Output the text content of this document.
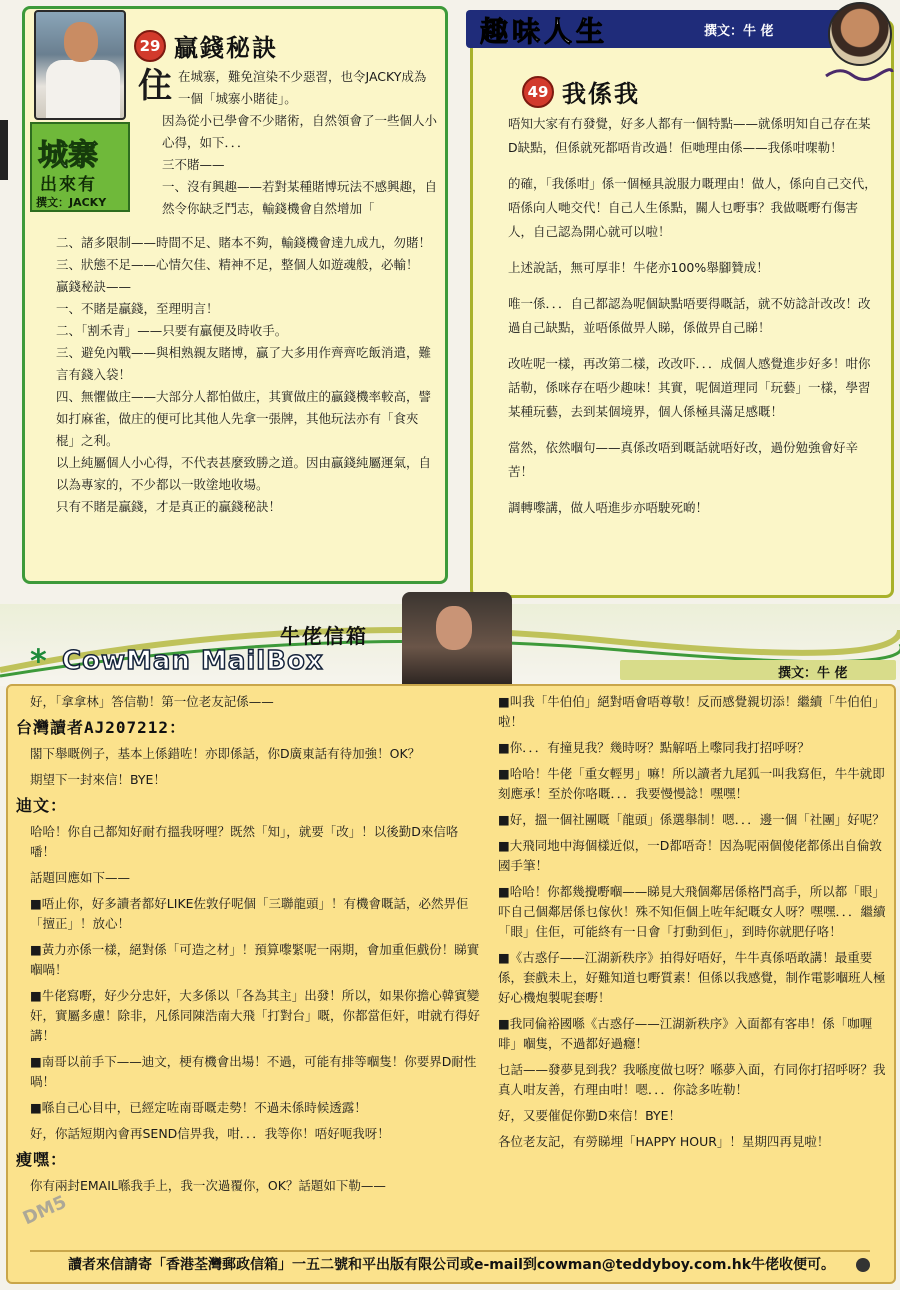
城寨
出來有
撰文：JACKY
29 贏錢秘訣

住在城寨，難免渲染不少惡習，也令JACKY成為一個「城寨小賭徒」。

因為從小已學會不少賭術，自然領會了一些個人小心得，如下．．．

三不賭——

一、沒有興趣——若對某種賭博玩法不感興趣，自然令你缺乏鬥志，輸錢機會自然增加「

二、諸多限制——時間不足、賭本不夠，輸錢機會達九成九，勿賭！

三、狀態不足——心情欠佳、精神不足，整個人如遊魂般，必輸！

贏錢秘訣——

一、不賭是贏錢，至理明言！

二、「割禾青」——只要有贏便及時收手。

三、避免內戰——與相熟親友賭博，贏了大多用作齊齊吃飯消遣，難言有錢入袋！

四、無懼做庄——大部分人都怕做庄，其實做庄的贏錢機率較高，譬如打麻雀，做庄的便可比其他人先拿一張牌，其他玩法亦有「食夾棍」之利。

以上純屬個人小心得，不代表甚麼致勝之道。因由贏錢純屬運氣，自以為專家的，不少都以一敗塗地收場。

只有不賭是贏錢，才是真正的贏錢秘訣！

趣味人生	撰文：牛 佬
49 我係我

唔知大家有冇發覺，好多人都有一個特點——就係明知自己存在某D缺點，但係就死都唔肯改過！佢哋理由係——我係咁㗎勒！

的確，「我係咁」係一個極具說服力嘅理由！做人，係向自己交代，唔係向人哋交代！自己人生係點，關人乜嘢事？我做嘅嘢冇傷害人，自己認為開心就可以啦！

上述說話，無可厚非！牛佬亦100%舉腳贊成！

唯一係．．．自己都認為呢個缺點唔要得嘅話，就不妨諗計改改！改過自己缺點，並唔係做畀人睇，係做畀自己睇！

改咗呢一樣，再改第二樣，改改吓．．．成個人感覺進步好多！咁你話勒，係咪存在唔少趣味！其實，呢個道理同「玩藝」一樣，學習某種玩藝，去到某個境界，個人係極具滿足感嘅！

當然，依然嗰句——真係改唔到嘅話就唔好改，過份勉強會好辛苦！

調轉嚟講，做人唔進步亦唔駛死啲！

牛佬信箱
* CowMan MailBox	撰文：牛 佬

好，「拿拿林」答信勒！第一位老友記係——

台灣讀者AJ207212：

閣下舉嘅例子，基本上係錯咗！亦即係話，你D廣東話有待加強！OK？

期望下一封來信！BYE！

迪文：

哈哈！你自己都知好耐冇搵我呀哩？既然「知」，就要「改」！以後勤D來信咯噃！

話題回應如下——

■唔止你，好多讀者都好LIKE佐敦仔呢個「三聯龍頭」！有機會嘅話，必然畀佢「擅正」！放心！

■黃力亦係一樣，絕對係「可造之材」！預算嚟緊呢一兩期，會加重佢戲份！睇實嗰喎！

■牛佬寫嘢，好少分忠奸，大多係以「各為其主」出發！所以，如果你擔心韓賓變奸，實屬多慮！除非，凡係同陳浩南大飛「打對台」嘅，你都當佢奸，咁就冇得好講！

■南哥以前手下——迪文，梗有機會出場！不過，可能有排等嗰隻！你要界D耐性喎！

■喺自己心目中，已經定咗南哥嘅走勢！不過未係時候透露！

好，你話短期內會再SEND信畀我，咁．．．我等你！唔好呃我呀！

瘦嘿：

你有兩封EMAIL喺我手上，我一次過覆你，OK？話題如下勒——

■叫我「牛伯伯」絕對唔會唔尊敬！反而感覺親切添！繼續「牛伯伯」啦！

■你．．．有撞見我？幾時呀？點解唔上嚟同我打招呼呀？

■哈哈！牛佬「重女輕男」嘛！所以讀者九尾狐一叫我寫佢，牛牛就即刻應承！至於你咯嘅．．．我要慢慢諗！嘿嘿！

■好，搵一個社團嘅「龍頭」係選舉制！嗯．．．邊一個「社團」好呢？

■大飛同地中海個樣近似，一D都唔奇！因為呢兩個傻佬都係出自倫敦國手筆！

■哈哈！你都幾攪嘢嗰——睇見大飛個鄰居係格鬥高手，所以都「眼」吓自己個鄰居係乜傢伙！殊不知佢個上咗年紀嘅女人呀？嘿嘿．．．繼續「眼」住佢，可能終有一日會「打動到佢」，到時你就肥仔咯！

■《古惑仔——江湖新秩序》拍得好唔好，牛牛真係唔敢講！最重要係，套戲未上，好難知道乜嘢質素！但係以我感覺，制作電影嗰班人極好心機炮製呢套嘢！

■我同倫裕國喺《古惑仔——江湖新秩序》入面都有客串！係「咖喱啡」嗰隻，不過都好過癮！

乜話——發夢見到我？我喺度做乜呀？喺夢入面，冇同你打招呼呀？我真人咁友善，冇理由咁！嗯．．．你諗多咗勒！

好，又要催促你勤D來信！BYE！

各位老友記，有勞睇埋「HAPPY HOUR」！星期四再見啦！

DM5
讀者來信請寄「香港荃灣郵政信箱」一五二號和平出版有限公司或e-mail到cowman@teddyboy.com.hk牛佬收便可。
